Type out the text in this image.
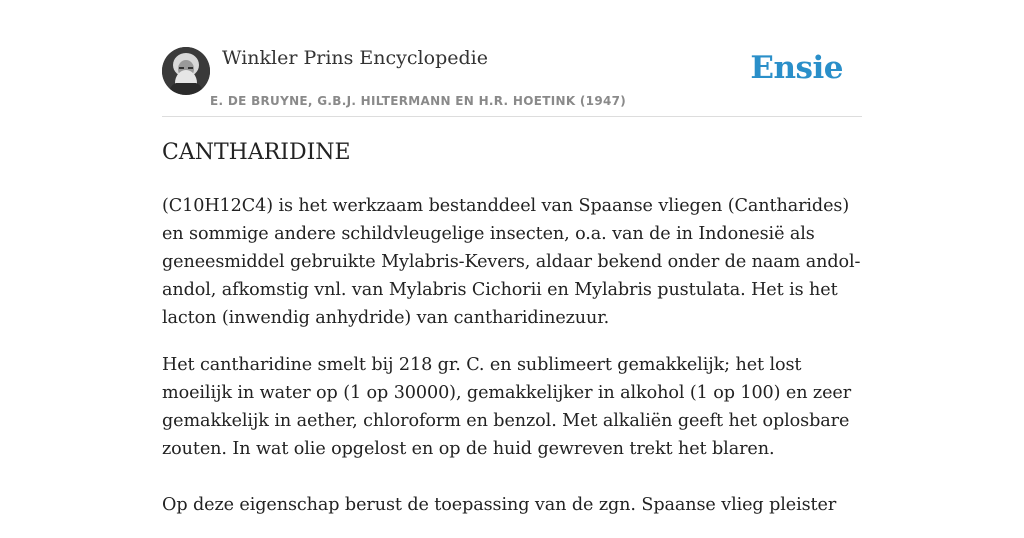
Winkler Prins Encyclopedie
E. DE BRUYNE, G.B.J. HILTERMANN EN H.R. HOETINK (1947)
Ensie
CANTHARIDINE

(C10H12C4) is het werkzaam bestanddeel van Spaanse vliegen (Cantharides) en sommige andere schildvleugelige insecten, o.a. van de in Indonesië als geneesmiddel gebruikte Mylabris-Kevers, aldaar bekend onder de naam andol-andol, afkomstig vnl. van Mylabris Cichorii en Mylabris pustulata. Het is het lacton (inwendig anhydride) van cantharidinezuur.

Het cantharidine smelt bij 218 gr. C. en sublimeert gemakkelijk; het lost moeilijk in water op (1 op 30000), gemakkelijker in alkohol (1 op 100) en zeer gemakkelijk in aether, chloroform en benzol. Met alkaliën geeft het oplosbare zouten. In wat olie opgelost en op de huid gewreven trekt het blaren.

Op deze eigenschap berust de toepassing van de zgn. Spaanse vlieg pleister
